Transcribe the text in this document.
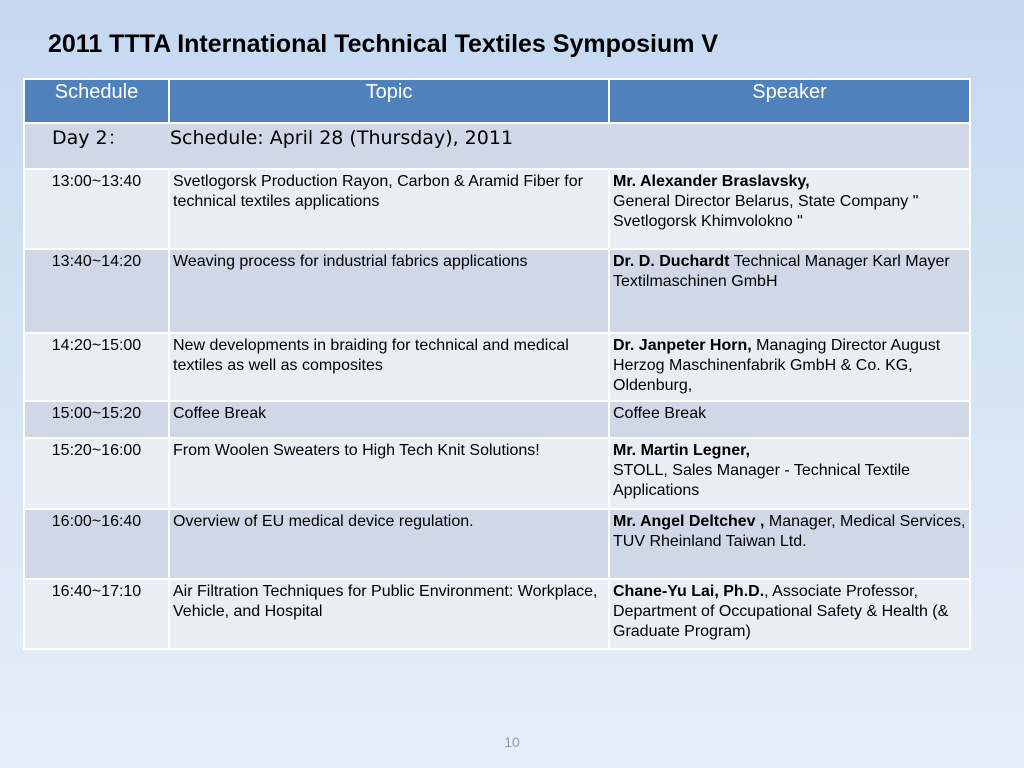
2011 TTTA International Technical Textiles Symposium V
Schedule	Topic	Speaker
Day 2： Schedule: April 28 (Thursday), 2011		
13:00~13:40	Svetlogorsk Production Rayon, Carbon & Aramid Fiber for technical textiles applications	Mr. Alexander Braslavsky,
General Director Belarus, State Company " Svetlogorsk Khimvolokno "
13:40~14:20	Weaving process for industrial fabrics applications	Dr. D. Duchardt Technical Manager Karl Mayer Textilmaschinen GmbH
14:20~15:00	New developments in braiding for technical and medical textiles as well as composites	Dr. Janpeter Horn, Managing Director August Herzog Maschinenfabrik GmbH & Co. KG, Oldenburg,
15:00~15:20	Coffee Break	Coffee Break
15:20~16:00	From Woolen Sweaters to High Tech Knit Solutions!	Mr. Martin Legner,
STOLL, Sales Manager - Technical Textile Applications
16:00~16:40	Overview of EU medical device regulation.	Mr. Angel Deltchev , Manager, Medical Services, TUV Rheinland Taiwan Ltd.
16:40~17:10	Air Filtration Techniques for Public Environment: Workplace, Vehicle, and Hospital	Chane-Yu Lai, Ph.D., Associate Professor, Department of Occupational Safety & Health (& Graduate Program)
10
